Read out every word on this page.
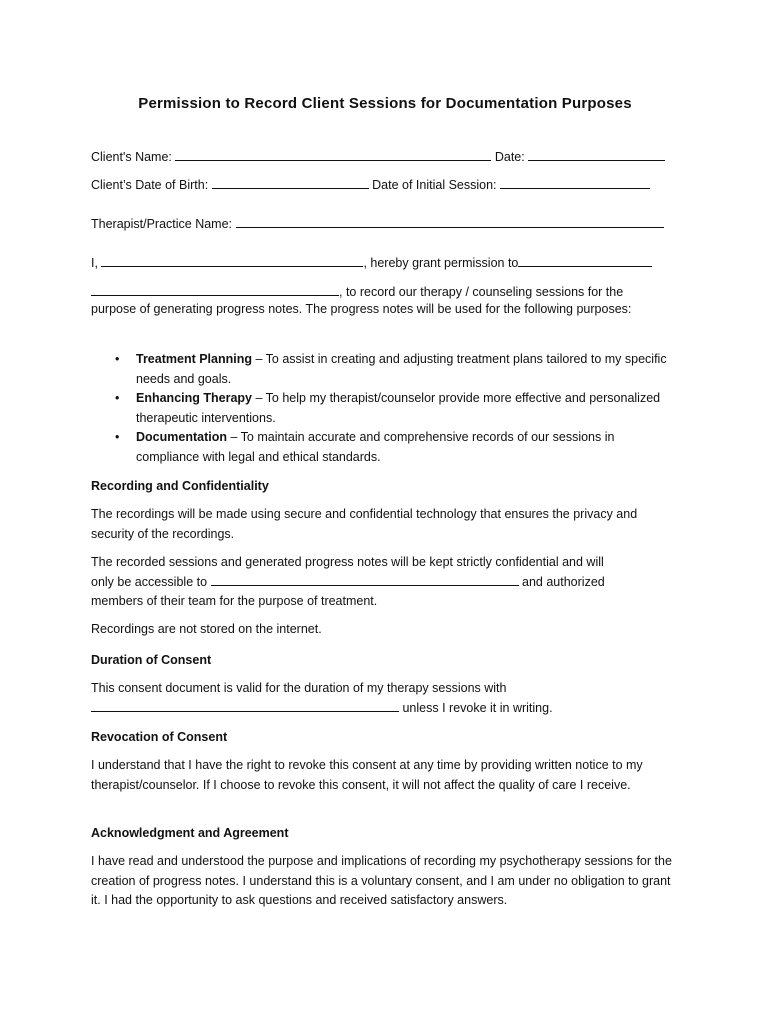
Permission to Record Client Sessions for Documentation Purposes
Client's Name:	Date:
Client’s Date of Birth:	Date of Initial Session:
Therapist/Practice Name:
I,	, hereby grant permission to
, to record our therapy / counseling sessions for the

purpose of generating progress notes. The progress notes will be used for the following purposes:

• Treatment Planning – To assist in creating and adjusting treatment plans tailored to my specific needs and goals.
• Enhancing Therapy – To help my therapist/counselor provide more effective and personalized therapeutic interventions.
• Documentation – To maintain accurate and comprehensive records of our sessions in compliance with legal and ethical standards.
Recording and Confidentiality

The recordings will be made using secure and confidential technology that ensures the privacy and security of the recordings.

The recorded sessions and generated progress notes will be kept strictly confidential and will
only be accessible to	and authorized
members of their team for the purpose of treatment.

Recordings are not stored on the internet.

Duration of Consent
This consent document is valid for the duration of my therapy sessions with
unless I revoke it in writing.
Revocation of Consent

I understand that I have the right to revoke this consent at any time by providing written notice to my therapist/counselor. If I choose to revoke this consent, it will not affect the quality of care I receive.

Acknowledgment and Agreement

I have read and understood the purpose and implications of recording my psychotherapy sessions for the creation of progress notes. I understand this is a voluntary consent, and I am under no obligation to grant it. I had the opportunity to ask questions and received satisfactory answers.
